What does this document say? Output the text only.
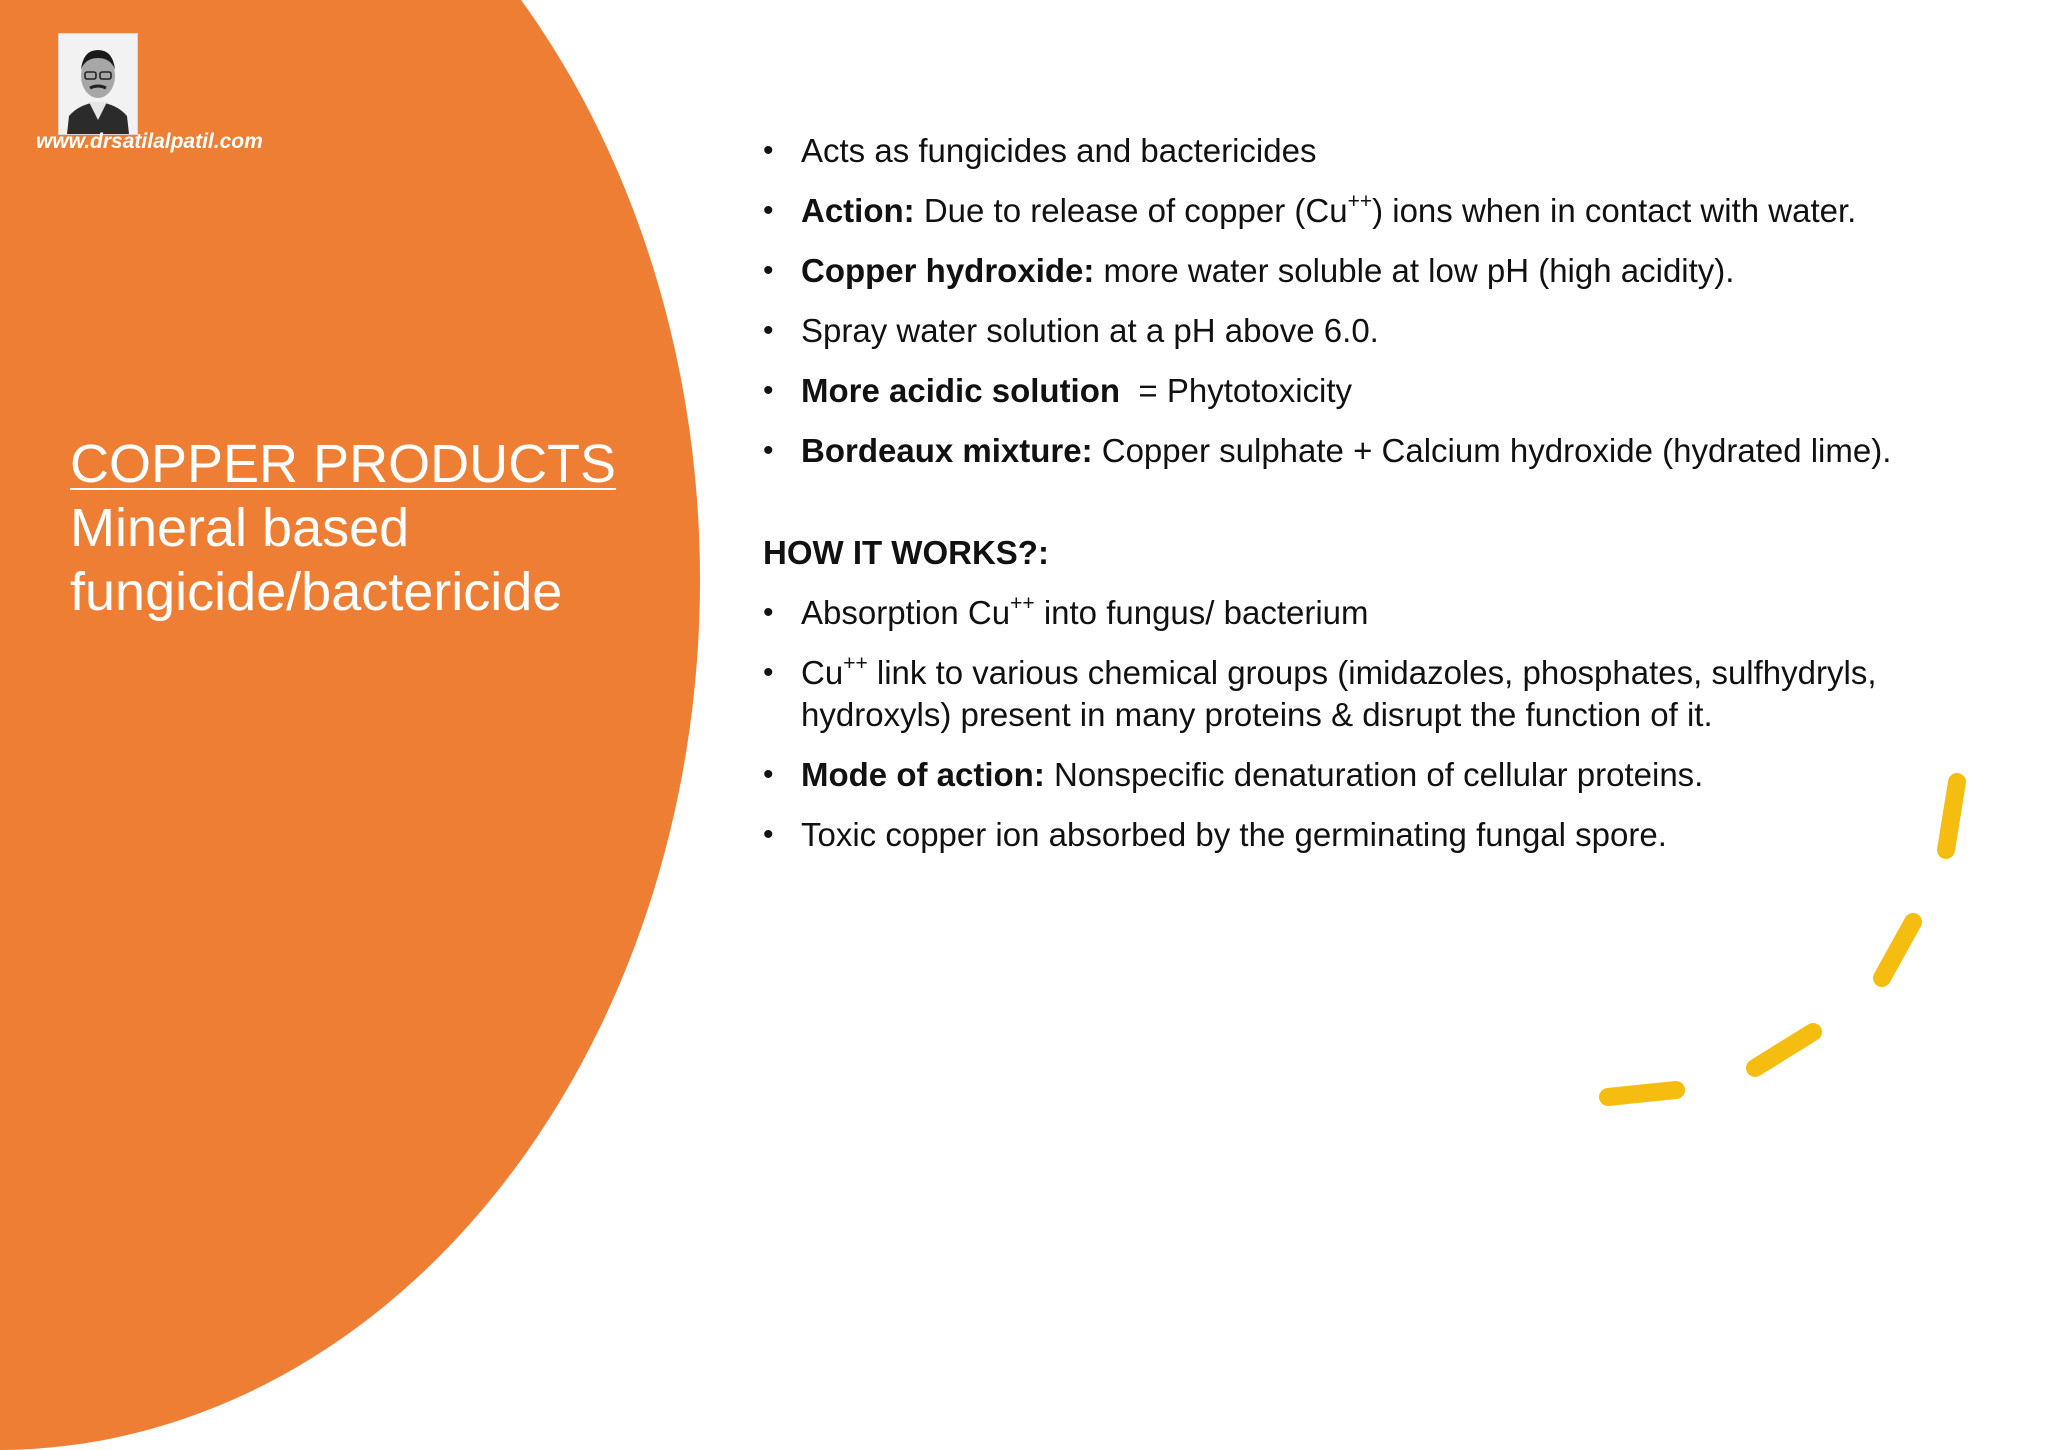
www.drsatilalpatil.com
COPPER PRODUCTS
Mineral based
fungicide/bactericide
• Acts as fungicides and bactericides
• Action: Due to release of copper (Cu++) ions when in contact with water.
• Copper hydroxide: more water soluble at low pH (high acidity).
• Spray water solution at a pH above 6.0.
• More acidic solution  = Phytotoxicity
• Bordeaux mixture: Copper sulphate + Calcium hydroxide (hydrated lime).
HOW IT WORKS?:
• Absorption Cu++ into fungus/ bacterium
• Cu++ link to various chemical groups (imidazoles, phosphates, sulfhydryls, hydroxyls) present in many proteins & disrupt the function of it.
• Mode of action: Nonspecific denaturation of cellular proteins.
• Toxic copper ion absorbed by the germinating fungal spore.
